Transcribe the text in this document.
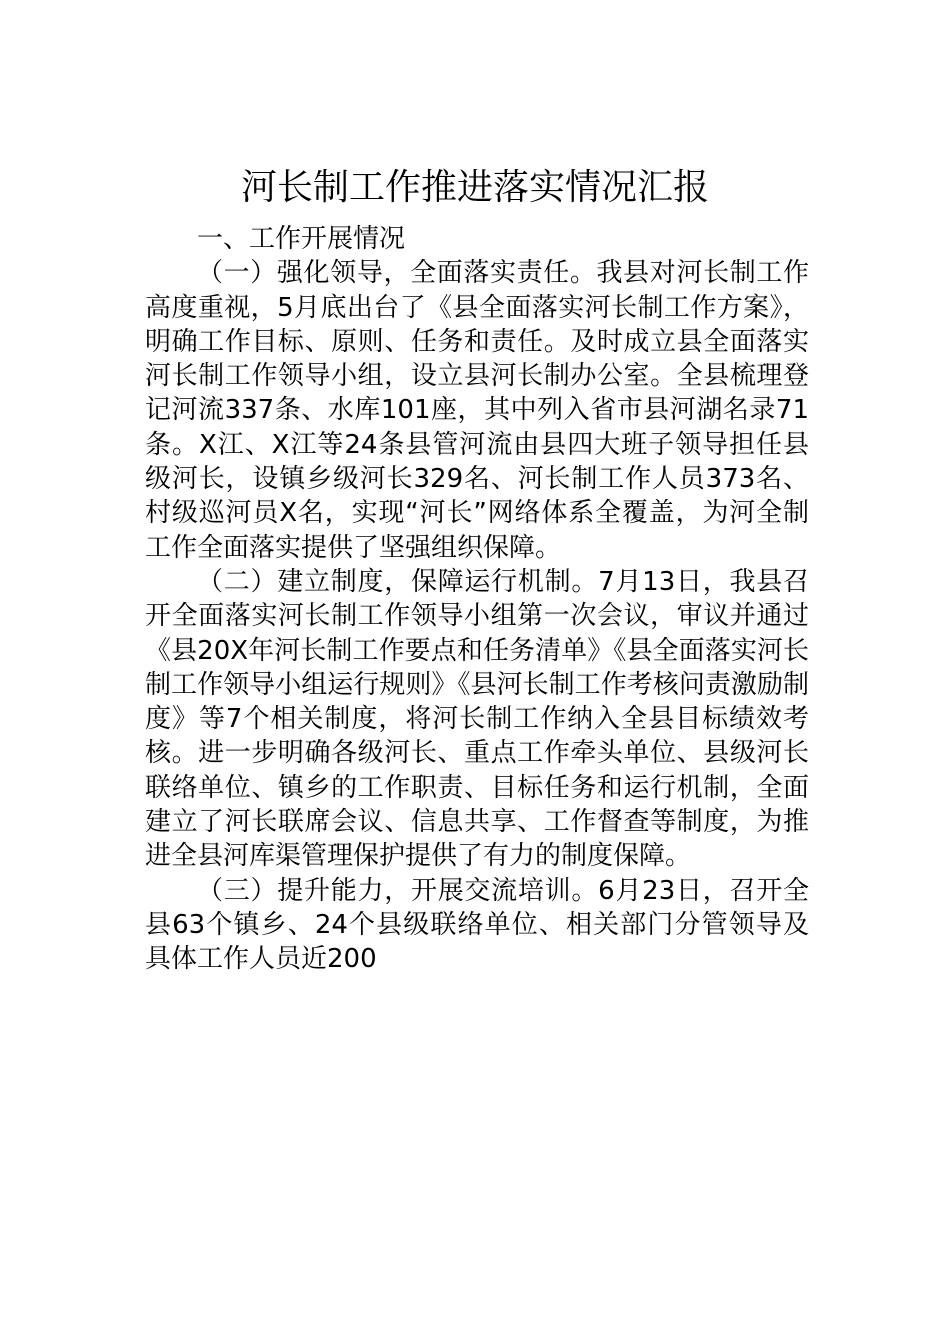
河长制工作推进落实情况汇报

一、工作开展情况

（一）强化领导，全面落实责任。我县对河长制工作高度重视，5月底出台了《县全面落实河长制工作方案》，明确工作目标、原则、任务和责任。及时成立县全面落实河长制工作领导小组，设立县河长制办公室。全县梳理登记河流337条、水库101座，其中列入省市县河湖名录71条。X江、X江等24条县管河流由县四大班子领导担任县级河长，设镇乡级河长329名、河长制工作人员373名、村级巡河员X名，实现“河长”网络体系全覆盖，为河全制工作全面落实提供了坚强组织保障。

（二）建立制度，保障运行机制。7月13日，我县召开全面落实河长制工作领导小组第一次会议，审议并通过《县20X年河长制工作要点和任务清单》《县全面落实河长制工作领导小组运行规则》《县河长制工作考核问责激励制度》等7个相关制度，将河长制工作纳入全县目标绩效考核。进一步明确各级河长、重点工作牵头单位、县级河长联络单位、镇乡的工作职责、目标任务和运行机制，全面建立了河长联席会议、信息共享、工作督查等制度，为推进全县河库渠管理保护提供了有力的制度保障。

（三）提升能力，开展交流培训。6月23日，召开全县63个镇乡、24个县级联络单位、相关部门分管领导及具体工作人员近200
